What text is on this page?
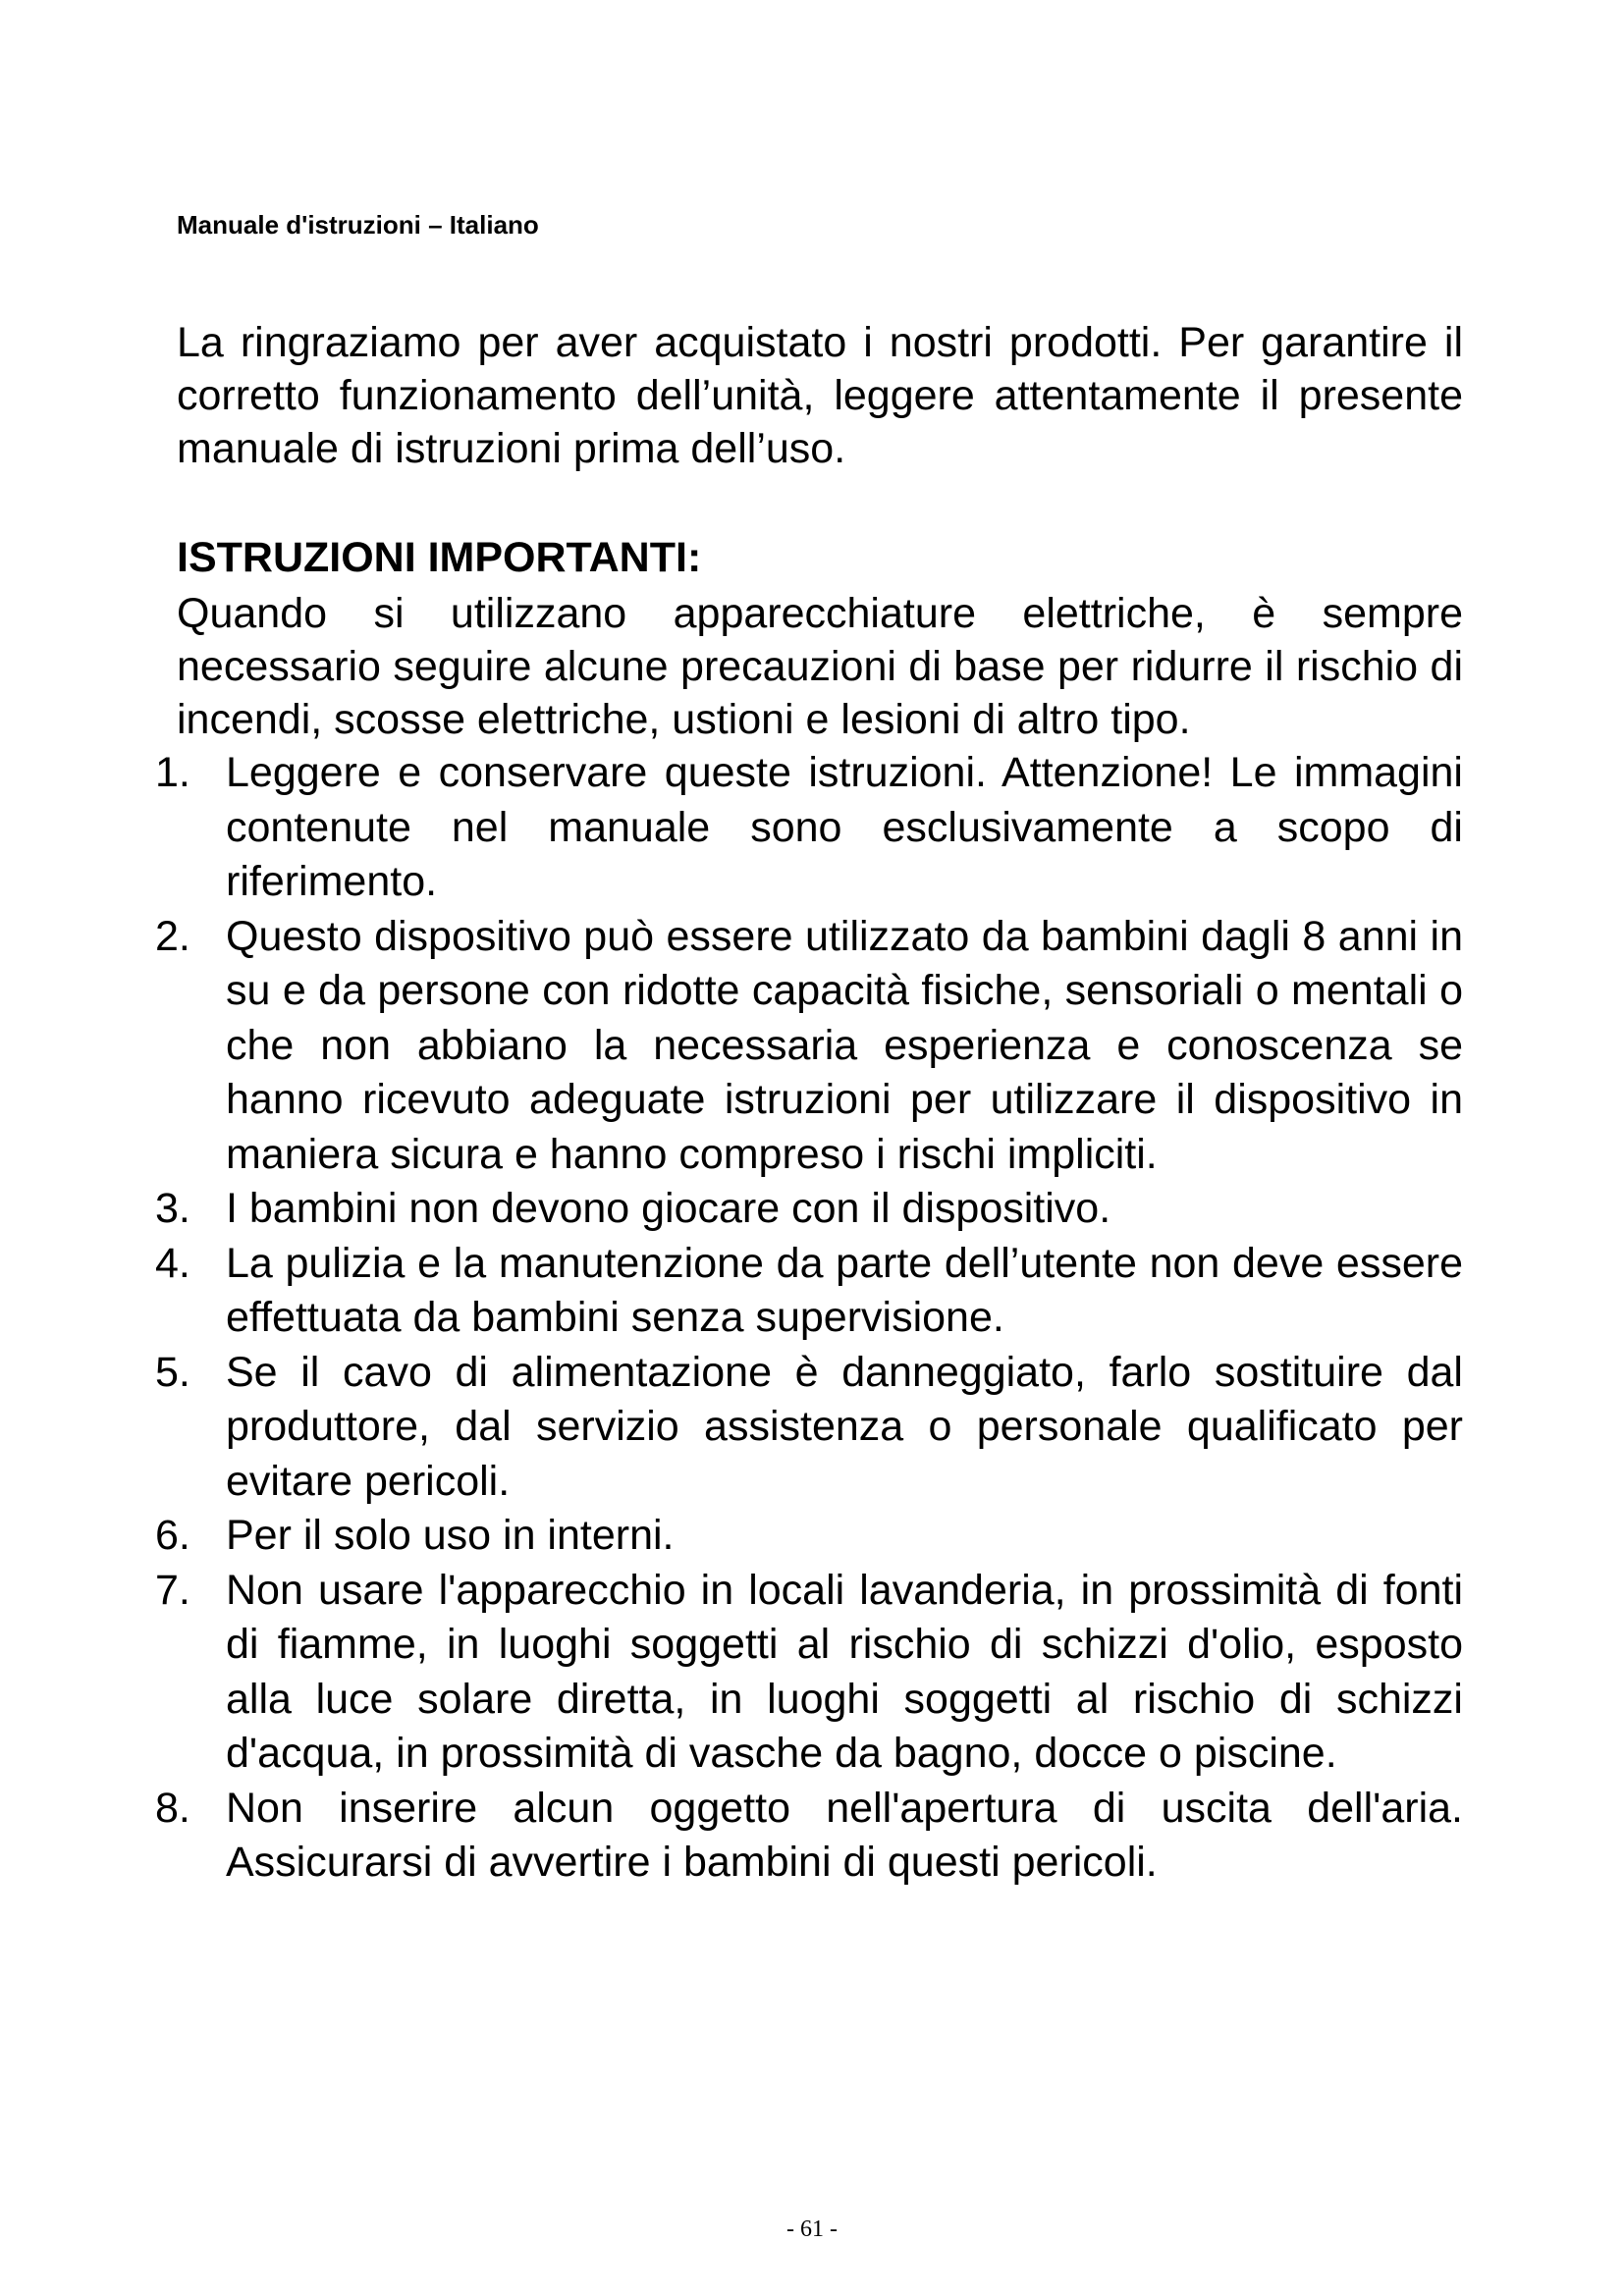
Manuale d'istruzioni – Italiano

La ringraziamo per aver acquistato i nostri prodotti. Per garantire il corretto funzionamento dell’unità, leggere attentamente il presente manuale di istruzioni prima dell’uso.

ISTRUZIONI IMPORTANTI:

Quando si utilizzano apparecchiature elettriche, è sempre necessario seguire alcune precauzioni di base per ridurre il rischio di incendi, scosse elettriche, ustioni e lesioni di altro tipo.

1. Leggere e conservare queste istruzioni. Attenzione! Le immagini contenute nel manuale sono esclusivamente a scopo di riferimento.
2. Questo dispositivo può essere utilizzato da bambini dagli 8 anni in su e da persone con ridotte capacità fisiche, sensoriali o mentali o che non abbiano la necessaria esperienza e conoscenza se hanno ricevuto adeguate istruzioni per utilizzare il dispositivo in maniera sicura e hanno compreso i rischi impliciti.
3. I bambini non devono giocare con il dispositivo.
4. La pulizia e la manutenzione da parte dell’utente non deve essere effettuata da bambini senza supervisione.
5. Se il cavo di alimentazione è danneggiato, farlo sostituire dal produttore, dal servizio assistenza o personale qualificato per evitare pericoli.
6. Per il solo uso in interni.
7. Non usare l'apparecchio in locali lavanderia, in prossimità di fonti di fiamme, in luoghi soggetti al rischio di schizzi d'olio, esposto alla luce solare diretta, in luoghi soggetti al rischio di schizzi d'acqua, in prossimità di vasche da bagno, docce o piscine.
8. Non inserire alcun oggetto nell'apertura di uscita dell'aria. Assicurarsi di avvertire i bambini di questi pericoli.
- 61 -
